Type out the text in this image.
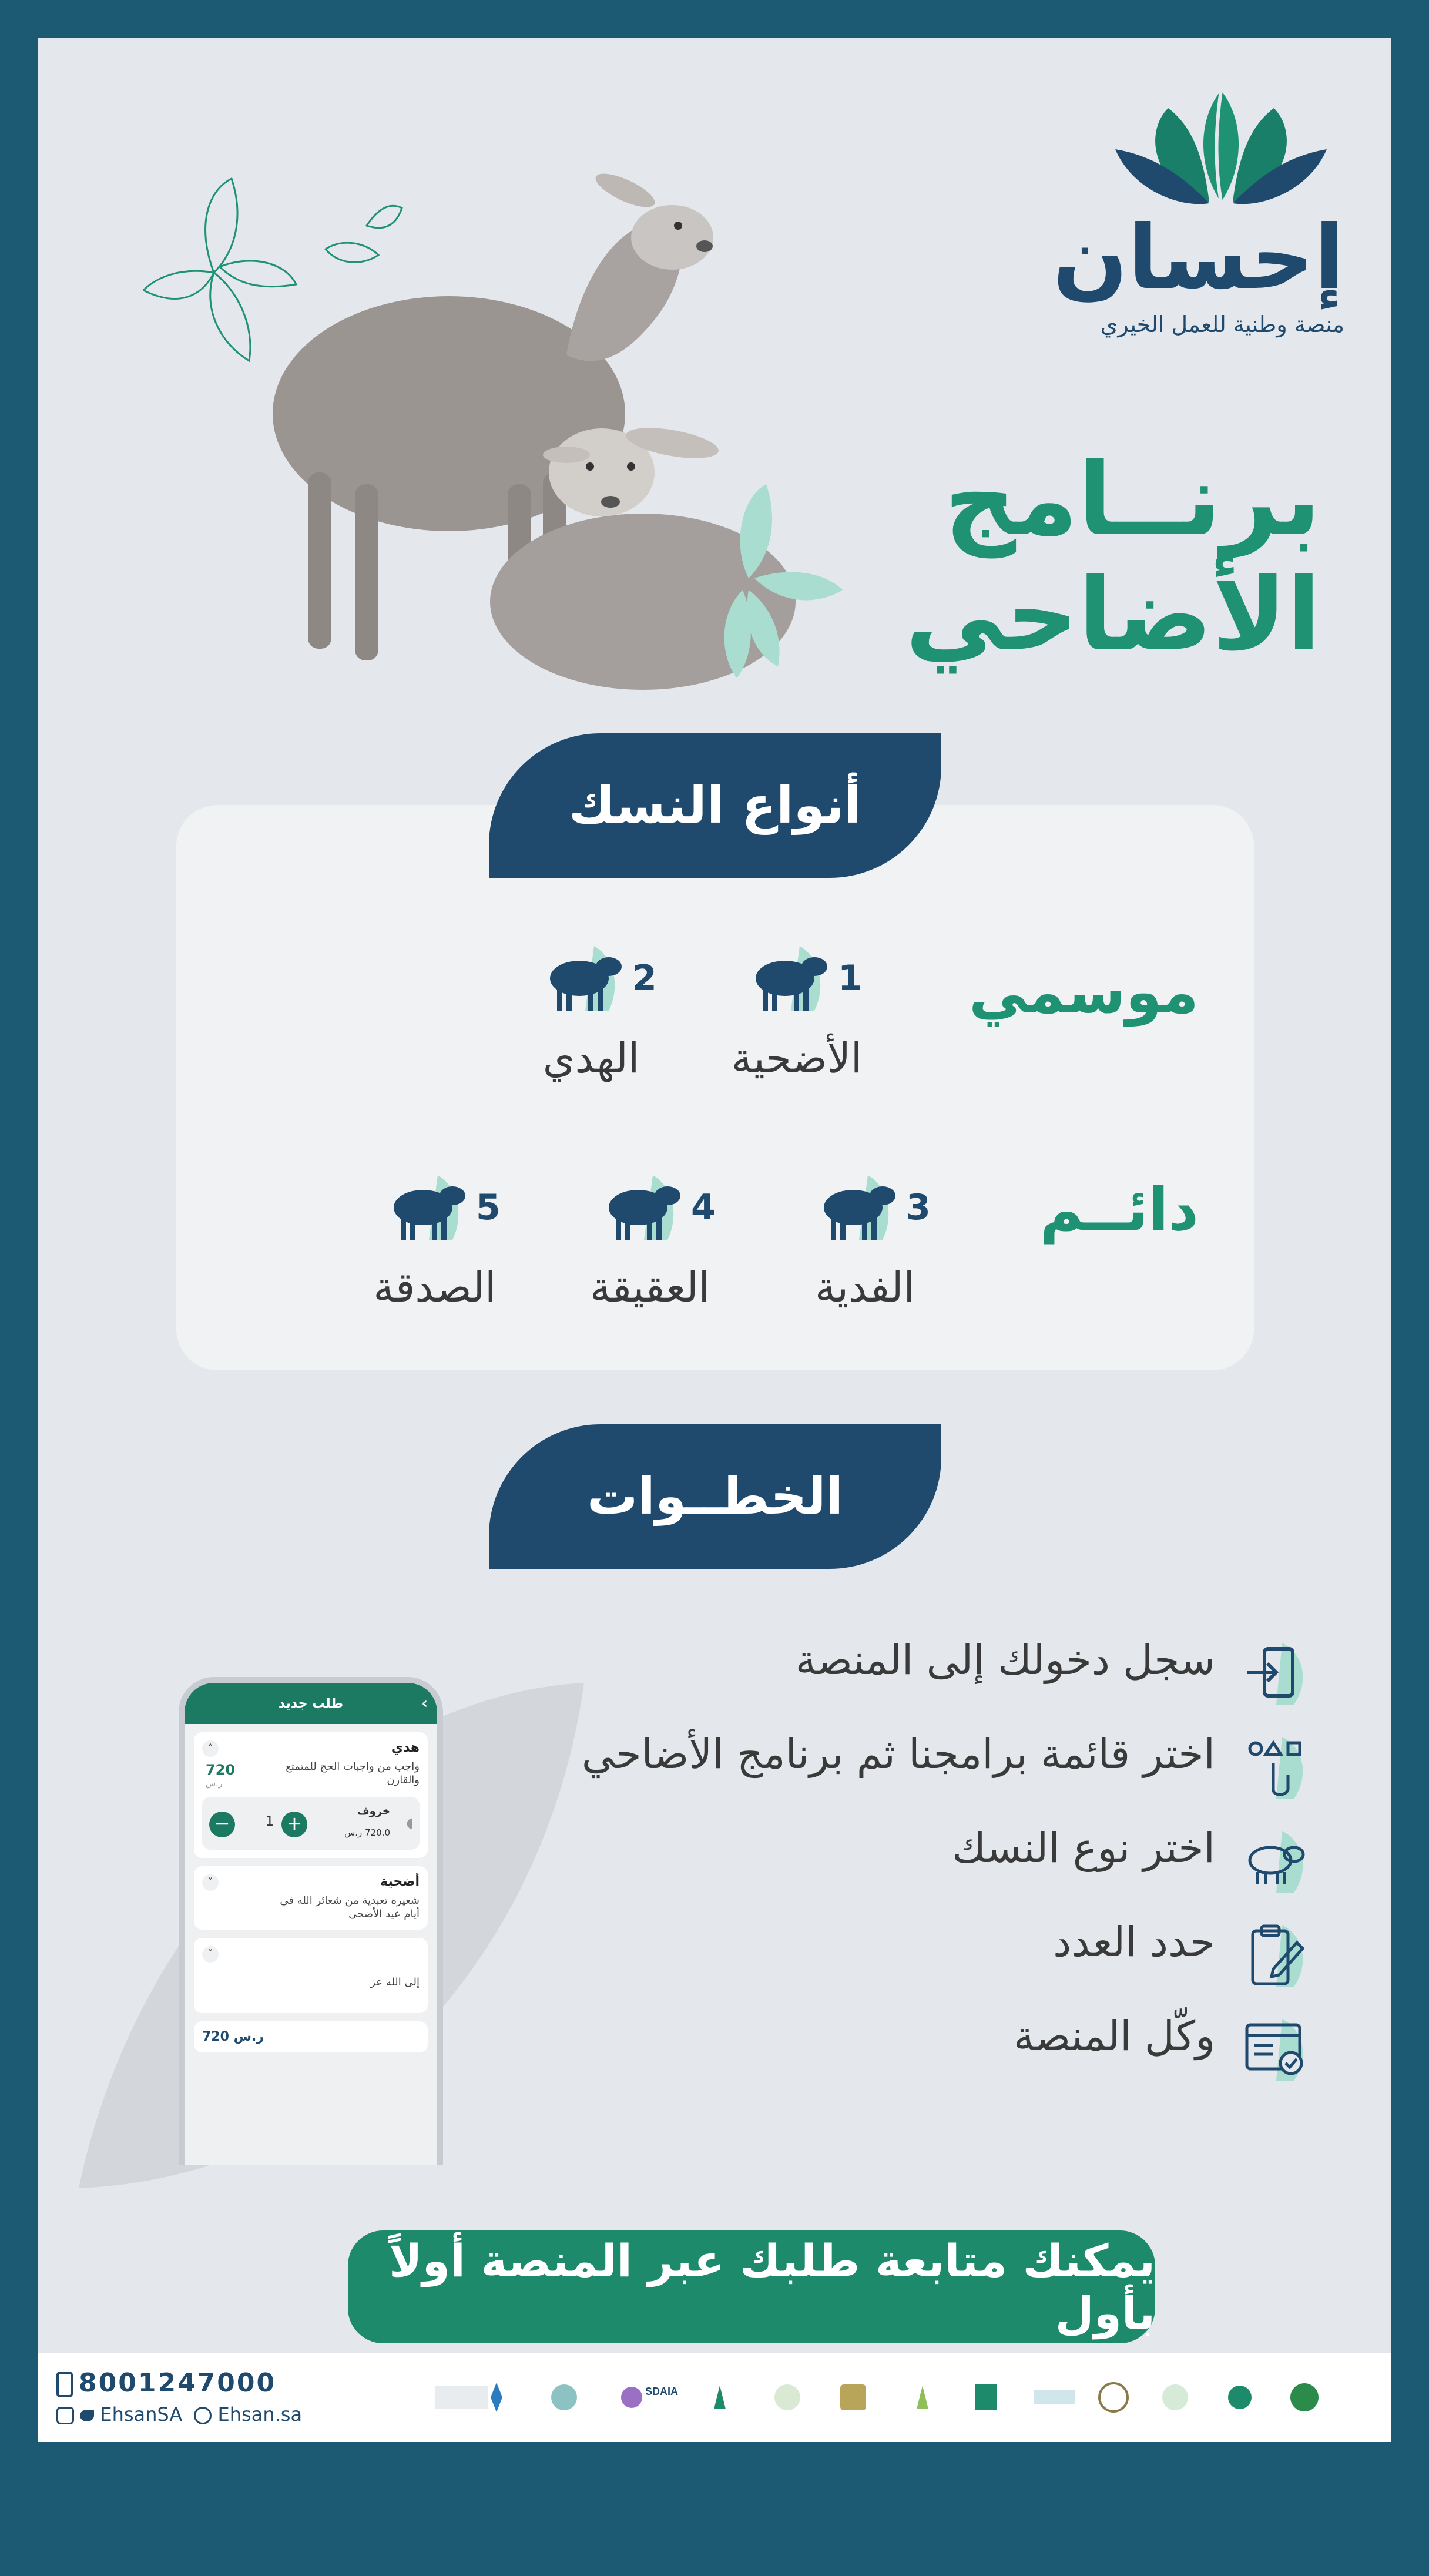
إحسان
منصة وطنية للعمل الخيري
برنــامج
الأضاحي
أنواع النسك
موسمي
دائــم
1
الأضحية
2
الهدي
3
الفدية
4
العقيقة
5
الصدقة
الخطــوات
طلب جديد	›
˄	هدي
واجب من واجبات الحج للمتمتع والقارن
720
ر.س
−	1 +
خروف
720.0 ر.س
◖
˅	أضحية
شعيرة تعبدية من شعائر الله في أيام عيد الأضحى
˅
إلى الله عز
720 ر.س
سجل دخولك إلى المنصة
اختر قائمة برامجنا ثم برنامج الأضاحي
اختر نوع النسك
حدد العدد
وكّل المنصة
يمكنك متابعة طلبك عبر المنصة أولاً بأول
8001247000
EhsanSA Ehsan.sa
SDAIA
